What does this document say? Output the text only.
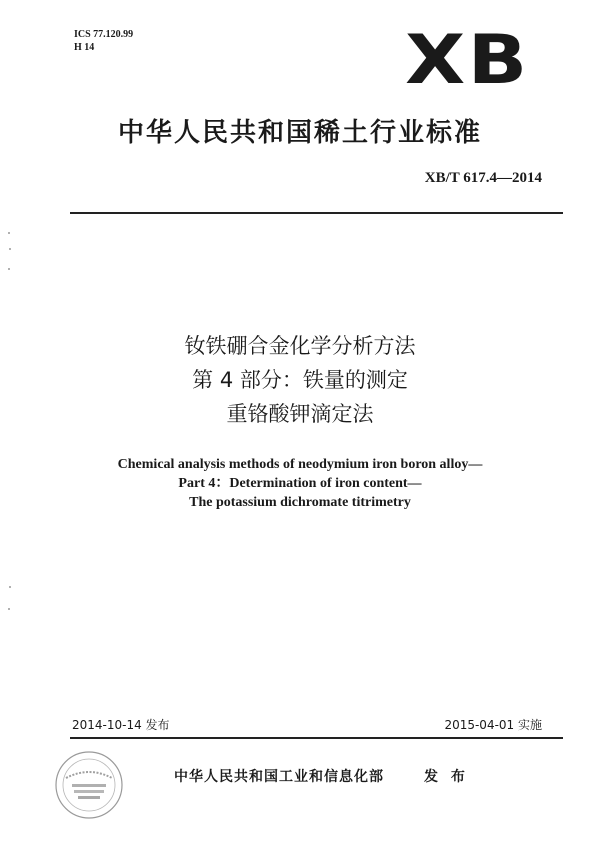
ICS 77.120.99
H 14	XB
中华人民共和国稀土行业标准
XB/T 617.4—2014
钕铁硼合金化学分析方法
第 4 部分：铁量的测定
重铬酸钾滴定法
Chemical analysis methods of neodymium iron boron alloy—
Part 4：Determination of iron content—
The potassium dichromate titrimetry
2014-10-14 发布	2015-04-01 实施
中华人民共和国工业和信息化部	发 布
